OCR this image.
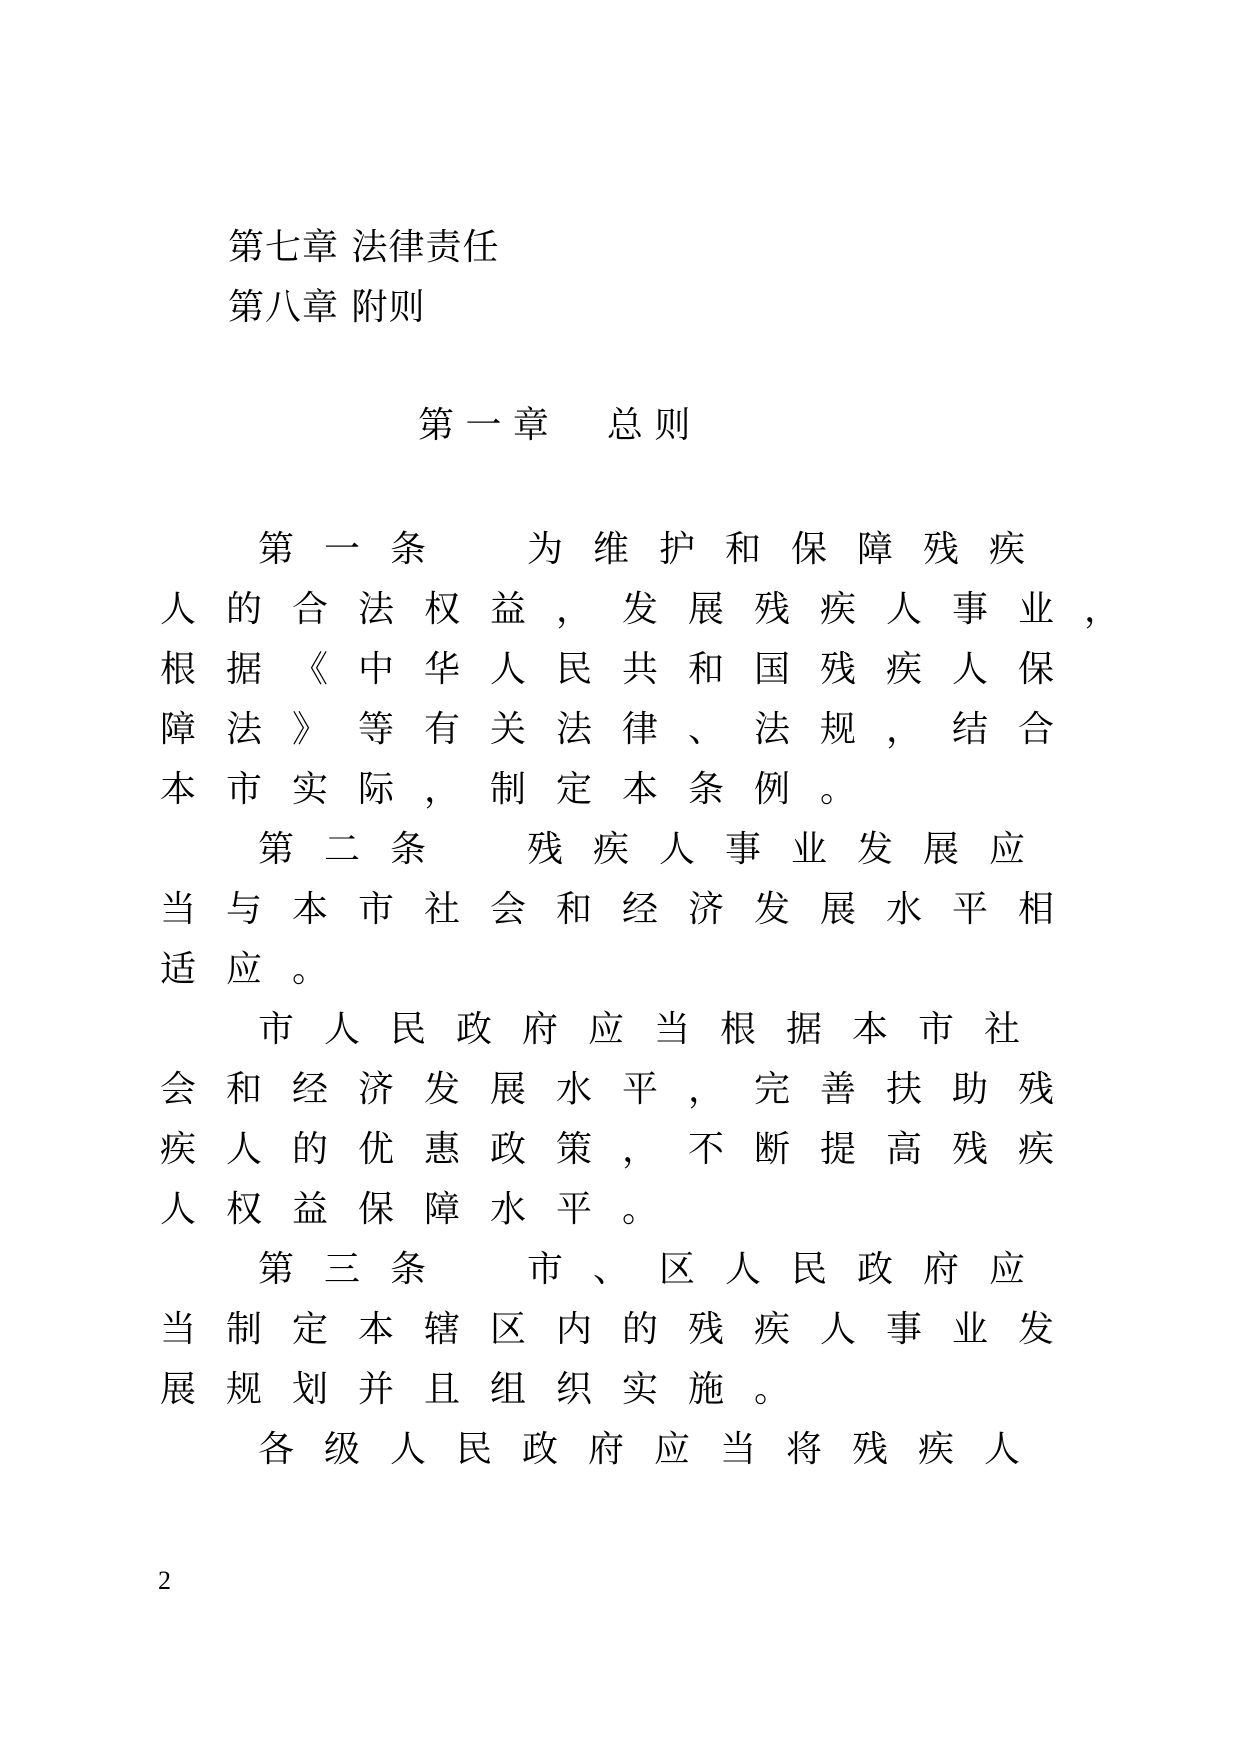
第七章 法律责任
第八章 附则
第 一 章 总 则
第一条 为维护和保障残疾
人的合法权益，发展残疾人事业，
根据《中华人民共和国残疾人保
障法》等有关法律、法规，结合
本市实际，制定本条例。
第二条 残疾人事业发展应
当与本市社会和经济发展水平相
适应。
市人民政府应当根据本市社
会和经济发展水平，完善扶助残
疾人的优惠政策，不断提高残疾
人权益保障水平。
第三条 市、区人民政府应
当制定本辖区内的残疾人事业发
展规划并且组织实施。
各级人民政府应当将残疾人
2
